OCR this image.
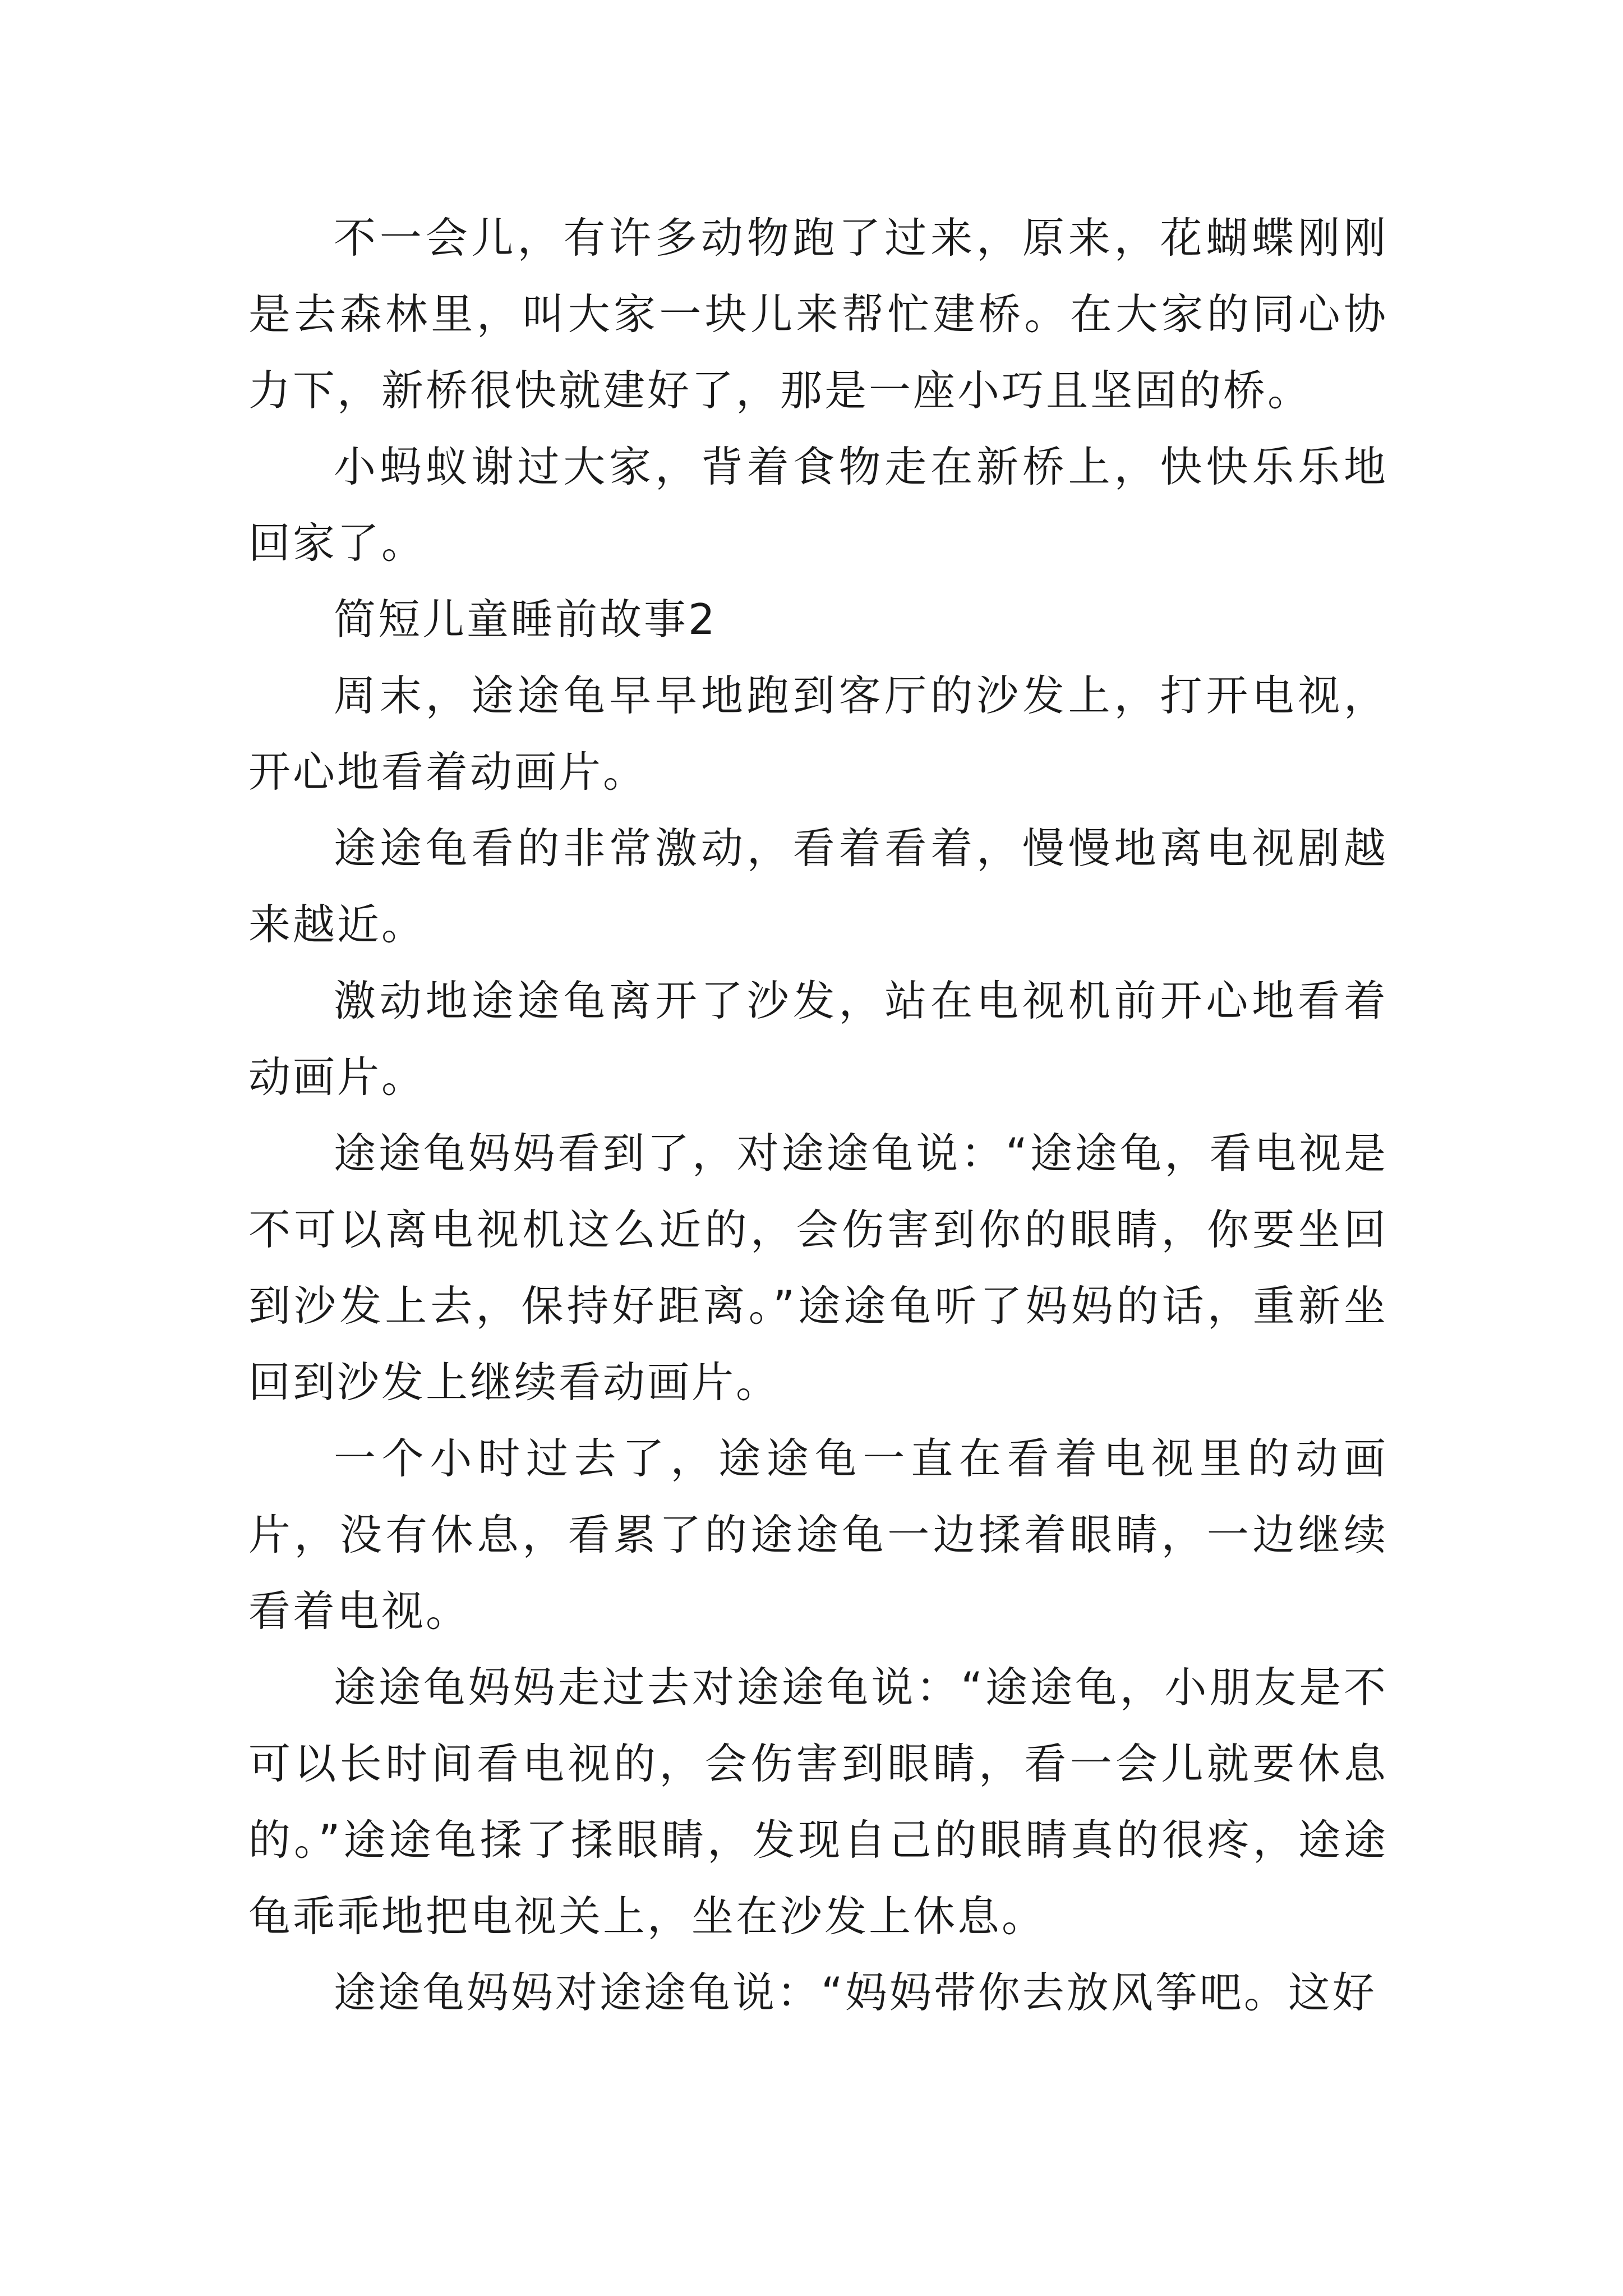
不一会儿，有许多动物跑了过来，原来，花蝴蝶刚刚是去森林里，叫大家一块儿来帮忙建桥。在大家的同心协力下，新桥很快就建好了，那是一座小巧且坚固的桥。

小蚂蚁谢过大家，背着食物走在新桥上，快快乐乐地回家了。

简短儿童睡前故事2

周末，途途龟早早地跑到客厅的沙发上，打开电视，开心地看着动画片。

途途龟看的非常激动，看着看着，慢慢地离电视剧越来越近。

激动地途途龟离开了沙发，站在电视机前开心地看着动画片。

途途龟妈妈看到了，对途途龟说：“途途龟，看电视是不可以离电视机这么近的，会伤害到你的眼睛，你要坐回到沙发上去，保持好距离。”途途龟听了妈妈的话，重新坐回到沙发上继续看动画片。

一个小时过去了，途途龟一直在看着电视里的动画片，没有休息，看累了的途途龟一边揉着眼睛，一边继续看着电视。

途途龟妈妈走过去对途途龟说：“途途龟，小朋友是不可以长时间看电视的，会伤害到眼睛，看一会儿就要休息的。”途途龟揉了揉眼睛，发现自己的眼睛真的很疼，途途龟乖乖地把电视关上，坐在沙发上休息。

途途龟妈妈对途途龟说：“妈妈带你去放风筝吧。这好
